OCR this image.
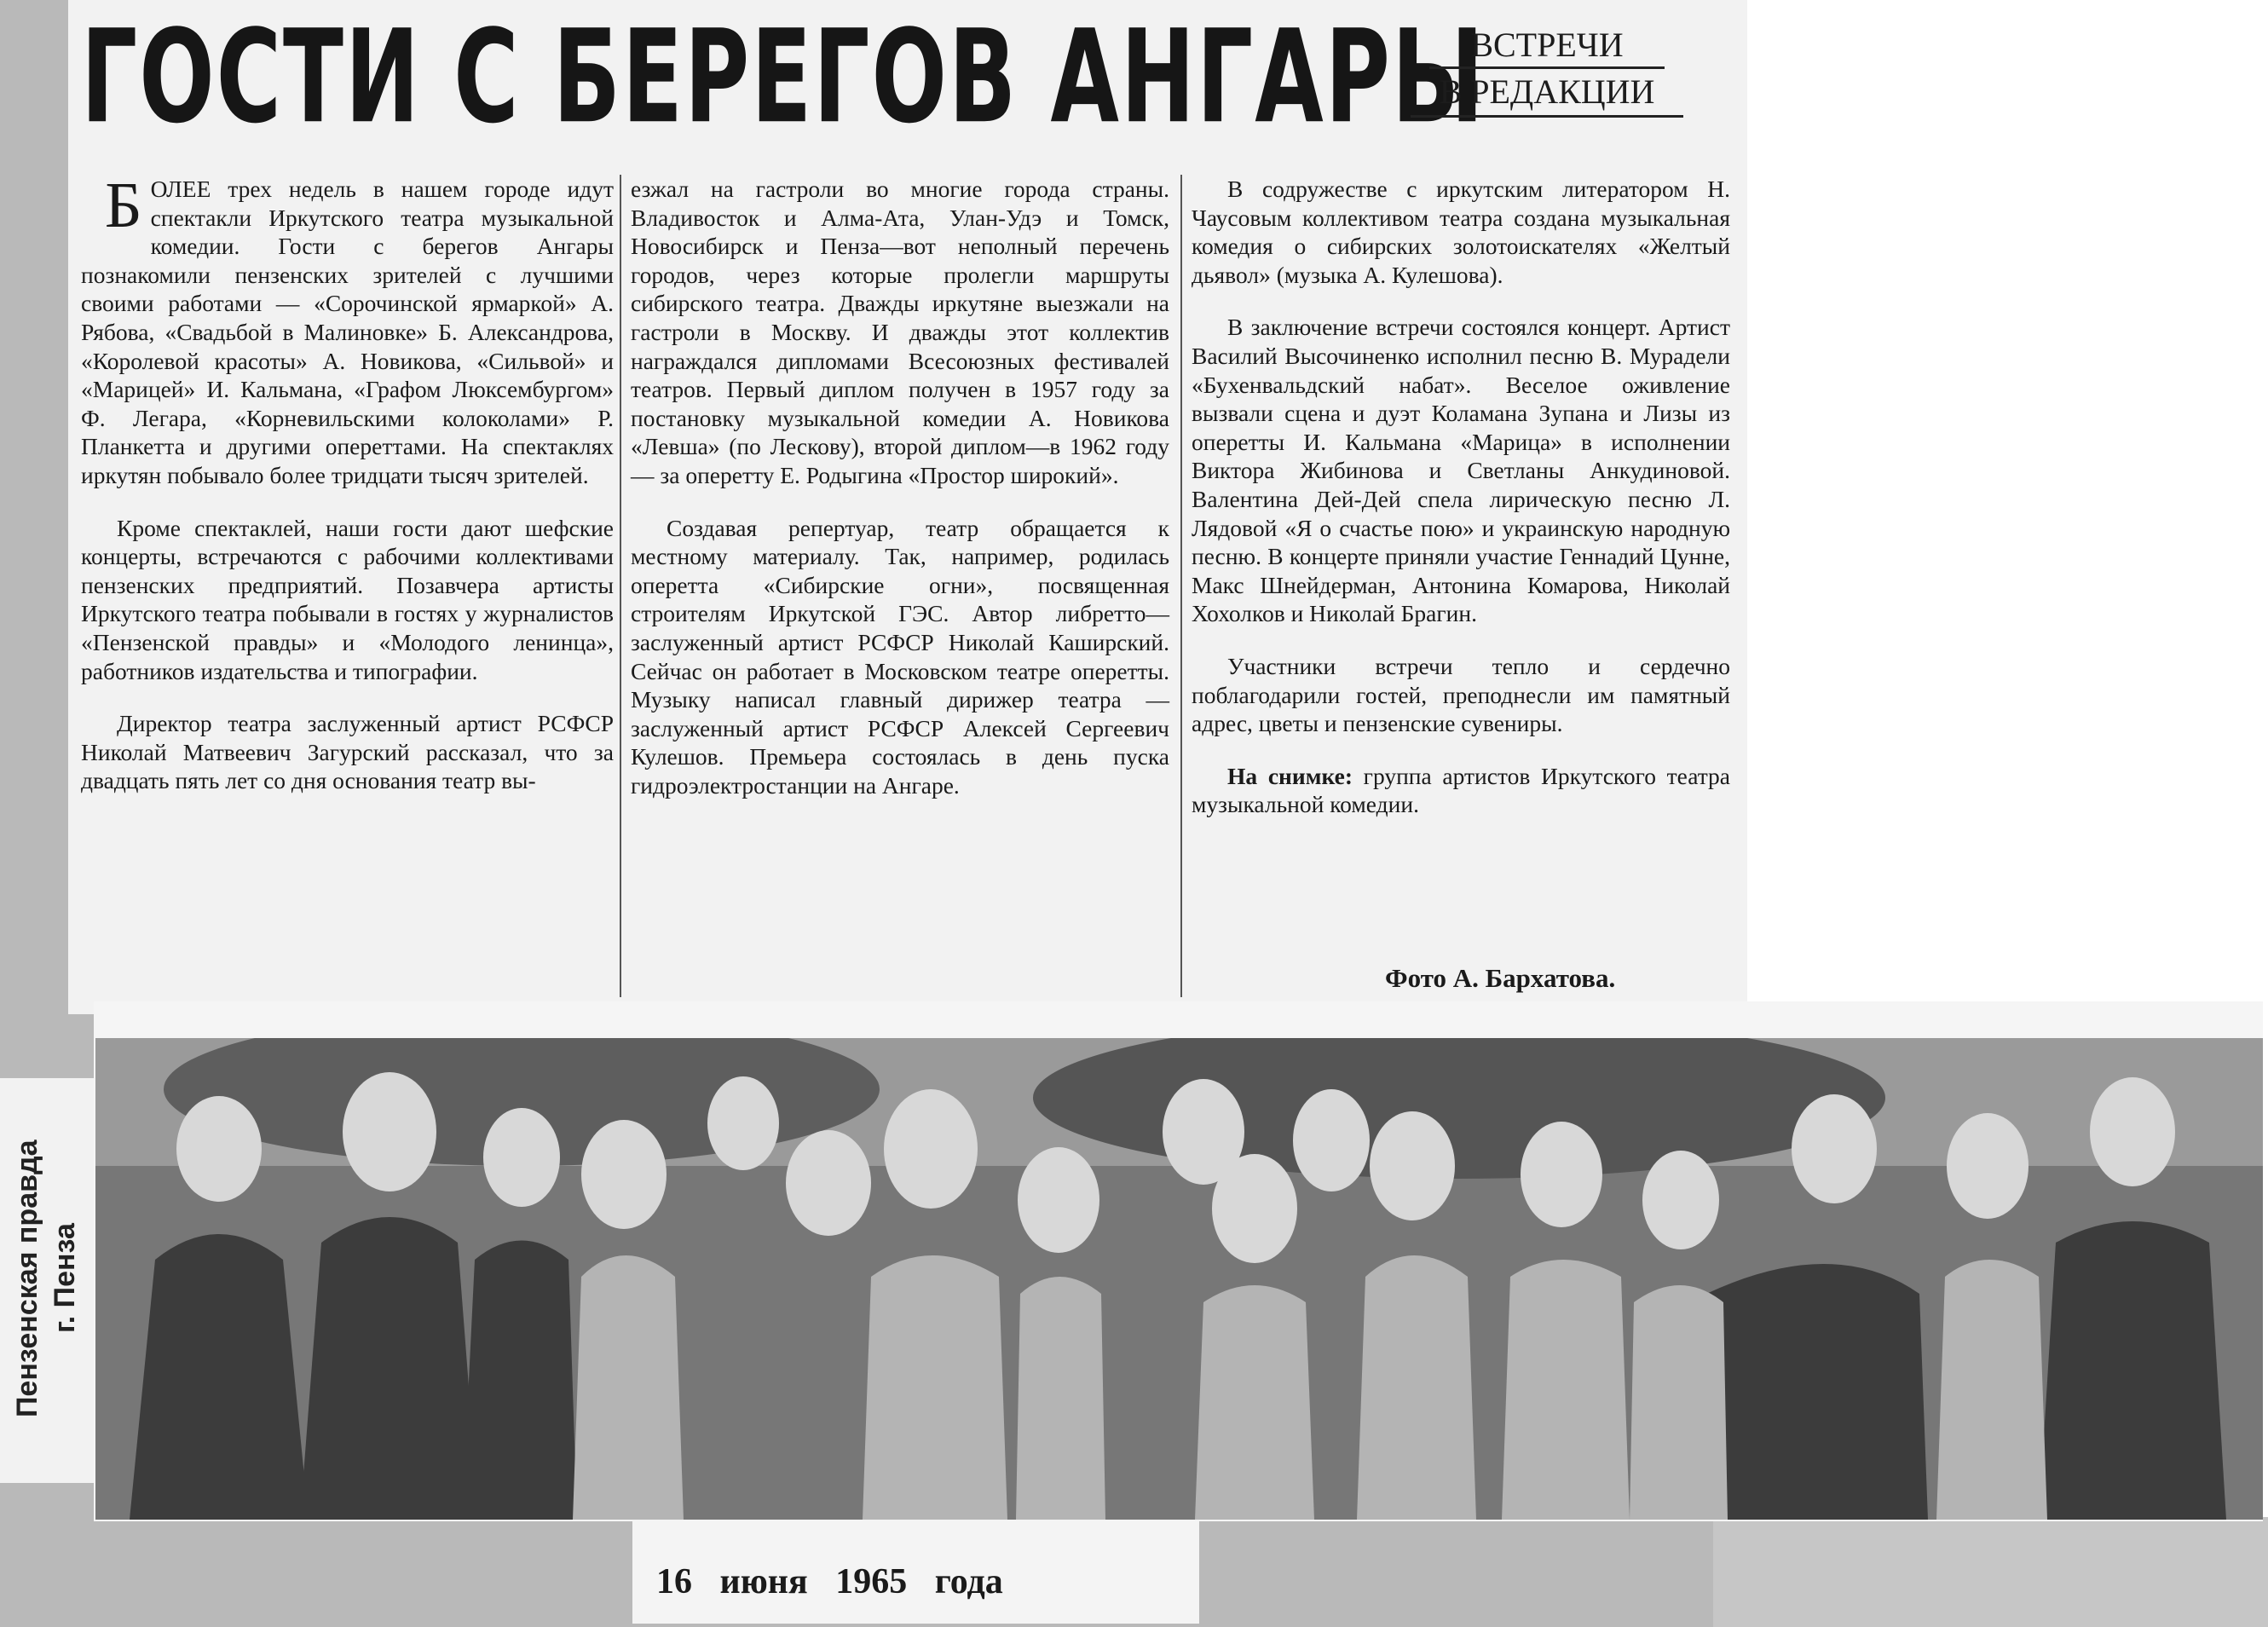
Пензенская правда г. Пенза
ГОСТИ С БЕРЕГОВ АНГАРЫ
ВСТРЕЧИ
В РЕДАКЦИИ

БОЛЕЕ трех недель в нашем городе идут спектакли Иркутского театра музыкальной комедии. Гости с берегов Ангары познакомили пензенских зрителей с лучшими своими работами — «Сорочинской ярмаркой» А. Рябова, «Свадьбой в Малиновке» Б. Александрова, «Королевой красоты» А. Новикова, «Сильвой» и «Марицей» И. Кальмана, «Графом Люксембургом» Ф. Легара, «Корневильскими колоколами» Р. Планкетта и другими опереттами. На спектаклях иркутян побывало более тридцати тысяч зрителей.

Кроме спектаклей, наши гости дают шефские концерты, встречаются с рабочими коллективами пензенских предприятий. Позавчера артисты Иркутского театра побывали в гостях у журналистов «Пензенской правды» и «Молодого ленинца», работников издательства и типографии.

Директор театра заслуженный артист РСФСР Николай Матвеевич Загурский рассказал, что за двадцать пять лет со дня основания театр вы-

езжал на гастроли во многие города страны. Владивосток и Алма-Ата, Улан-Удэ и Томск, Новосибирск и Пенза—вот неполный перечень городов, через которые пролегли маршруты сибирского театра. Дважды иркутяне выезжали на гастроли в Москву. И дважды этот коллектив награждался дипломами Всесоюзных фестивалей театров. Первый диплом получен в 1957 году за постановку музыкальной комедии А. Новикова «Левша» (по Лескову), второй диплом—в 1962 году — за оперетту Е. Родыгина «Простор широкий».

Создавая репертуар, театр обращается к местному материалу. Так, например, родилась оперетта «Сибирские огни», посвященная строителям Иркутской ГЭС. Автор либретто—заслуженный артист РСФСР Николай Каширский. Сейчас он работает в Московском театре оперетты. Музыку написал главный дирижер театра — заслуженный артист РСФСР Алексей Сергеевич Кулешов. Премьера состоялась в день пуска гидроэлектростанции на Ангаре.

В содружестве с иркутским литератором Н. Чаусовым коллективом театра создана музыкальная комедия о сибирских золотоискателях «Желтый дьявол» (музыка А. Кулешова).

В заключение встречи состоялся концерт. Артист Василий Высочиненко исполнил песню В. Мурадели «Бухенвальдский набат». Веселое оживление вызвали сцена и дуэт Коламана Зупана и Лизы из оперетты И. Кальмана «Марица» в исполнении Виктора Жибинова и Светланы Анкудиновой. Валентина Дей-Дей спела лирическую песню Л. Лядовой «Я о счастье пою» и украинскую народную песню. В концерте приняли участие Геннадий Цунне, Макс Шнейдерман, Антонина Комарова, Николай Хохолков и Николай Брагин.

Участники встречи тепло и сердечно поблагодарили гостей, преподнесли им памятный адрес, цветы и пензенские сувениры.

На снимке: группа артистов Иркутского театра музыкальной комедии.

Фото А. Бархатова.
16 июня 1965 года
